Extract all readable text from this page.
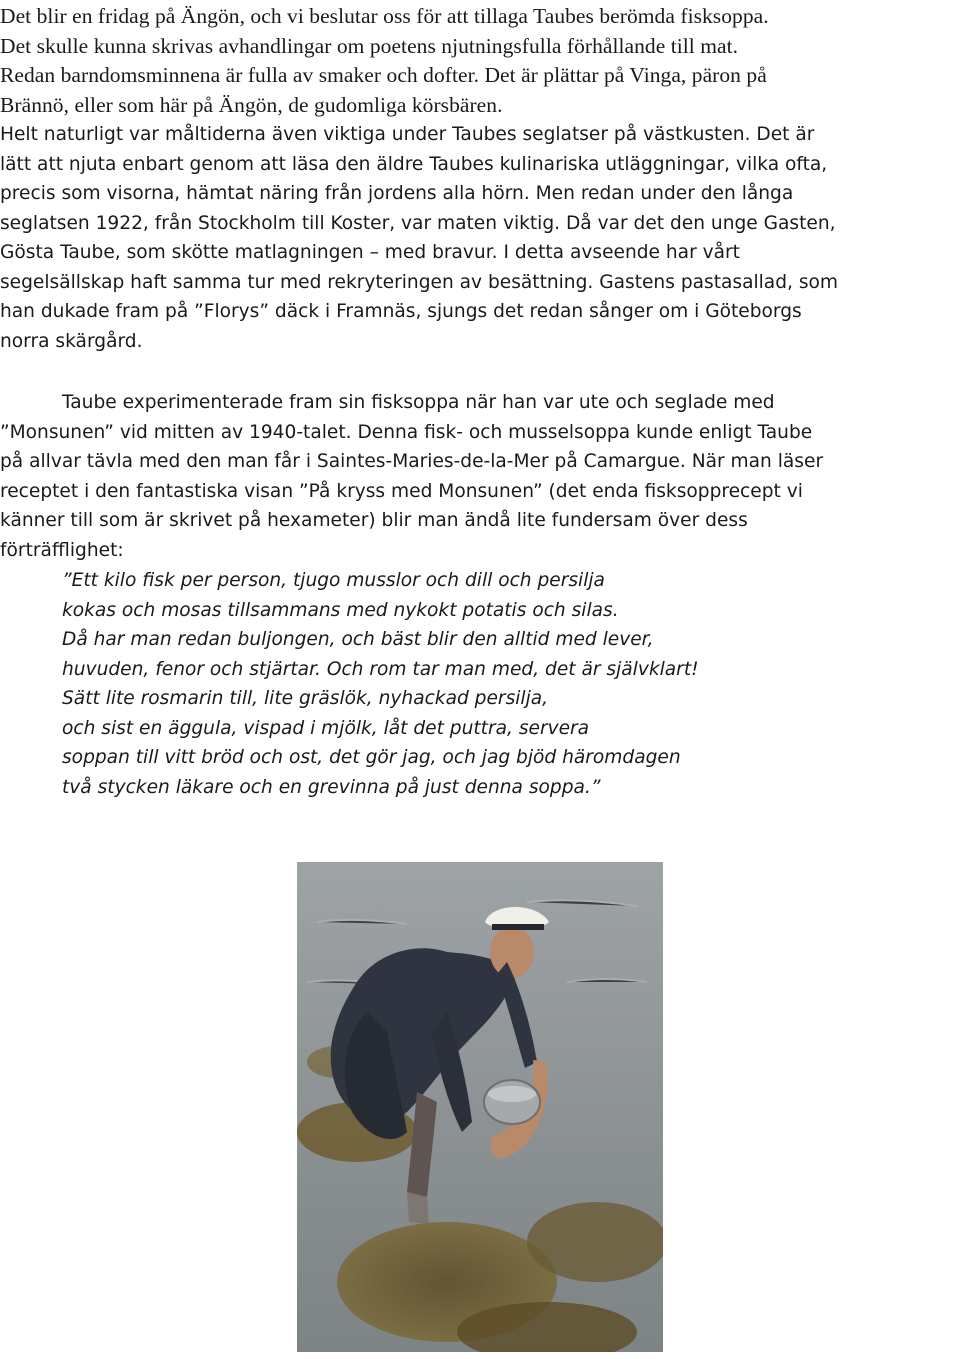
Det blir en fridag på Ängön, och vi beslutar oss för att tillaga Taubes berömda fisksoppa.
Det skulle kunna skrivas avhandlingar om poetens njutningsfulla förhållande till mat.
Redan barndomsminnena är fulla av smaker och dofter. Det är plättar på Vinga, päron på
Brännö, eller som här på Ängön, de gudomliga körsbären.
Helt naturligt var måltiderna även viktiga under Taubes seglatser på västkusten. Det är
lätt att njuta enbart genom att läsa den äldre Taubes kulinariska utläggningar, vilka ofta,
precis som visorna, hämtat näring från jordens alla hörn. Men redan under den långa
seglatsen 1922, från Stockholm till Koster, var maten viktig. Då var det den unge Gasten,
Gösta Taube, som skötte matlagningen – med bravur. I detta avseende har vårt
segelsällskap haft samma tur med rekryteringen av besättning. Gastens pastasallad, som
han dukade fram på ”Florys” däck i Framnäs, sjungs det redan sånger om i Göteborgs
norra skärgård.
Taube experimenterade fram sin fisksoppa när han var ute och seglade med
”Monsunen” vid mitten av 1940-talet. Denna fisk- och musselsoppa kunde enligt Taube
på allvar tävla med den man får i Saintes-Maries-de-la-Mer på Camargue. När man läser
receptet i den fantastiska visan ”På kryss med Monsunen” (det enda fisksopprecept vi
känner till som är skrivet på hexameter) blir man ändå lite fundersam över dess
förträfflighet:
”Ett kilo fisk per person, tjugo musslor och dill och persilja
kokas och mosas tillsammans med nykokt potatis och silas.
Då har man redan buljongen, och bäst blir den alltid med lever,
huvuden, fenor och stjärtar. Och rom tar man med, det är självklart!
Sätt lite rosmarin till, lite gräslök, nyhackad persilja,
och sist en äggula, vispad i mjölk, låt det puttra, servera
soppan till vitt bröd och ost, det gör jag, och jag bjöd häromdagen
två stycken läkare och en grevinna på just denna soppa.”
